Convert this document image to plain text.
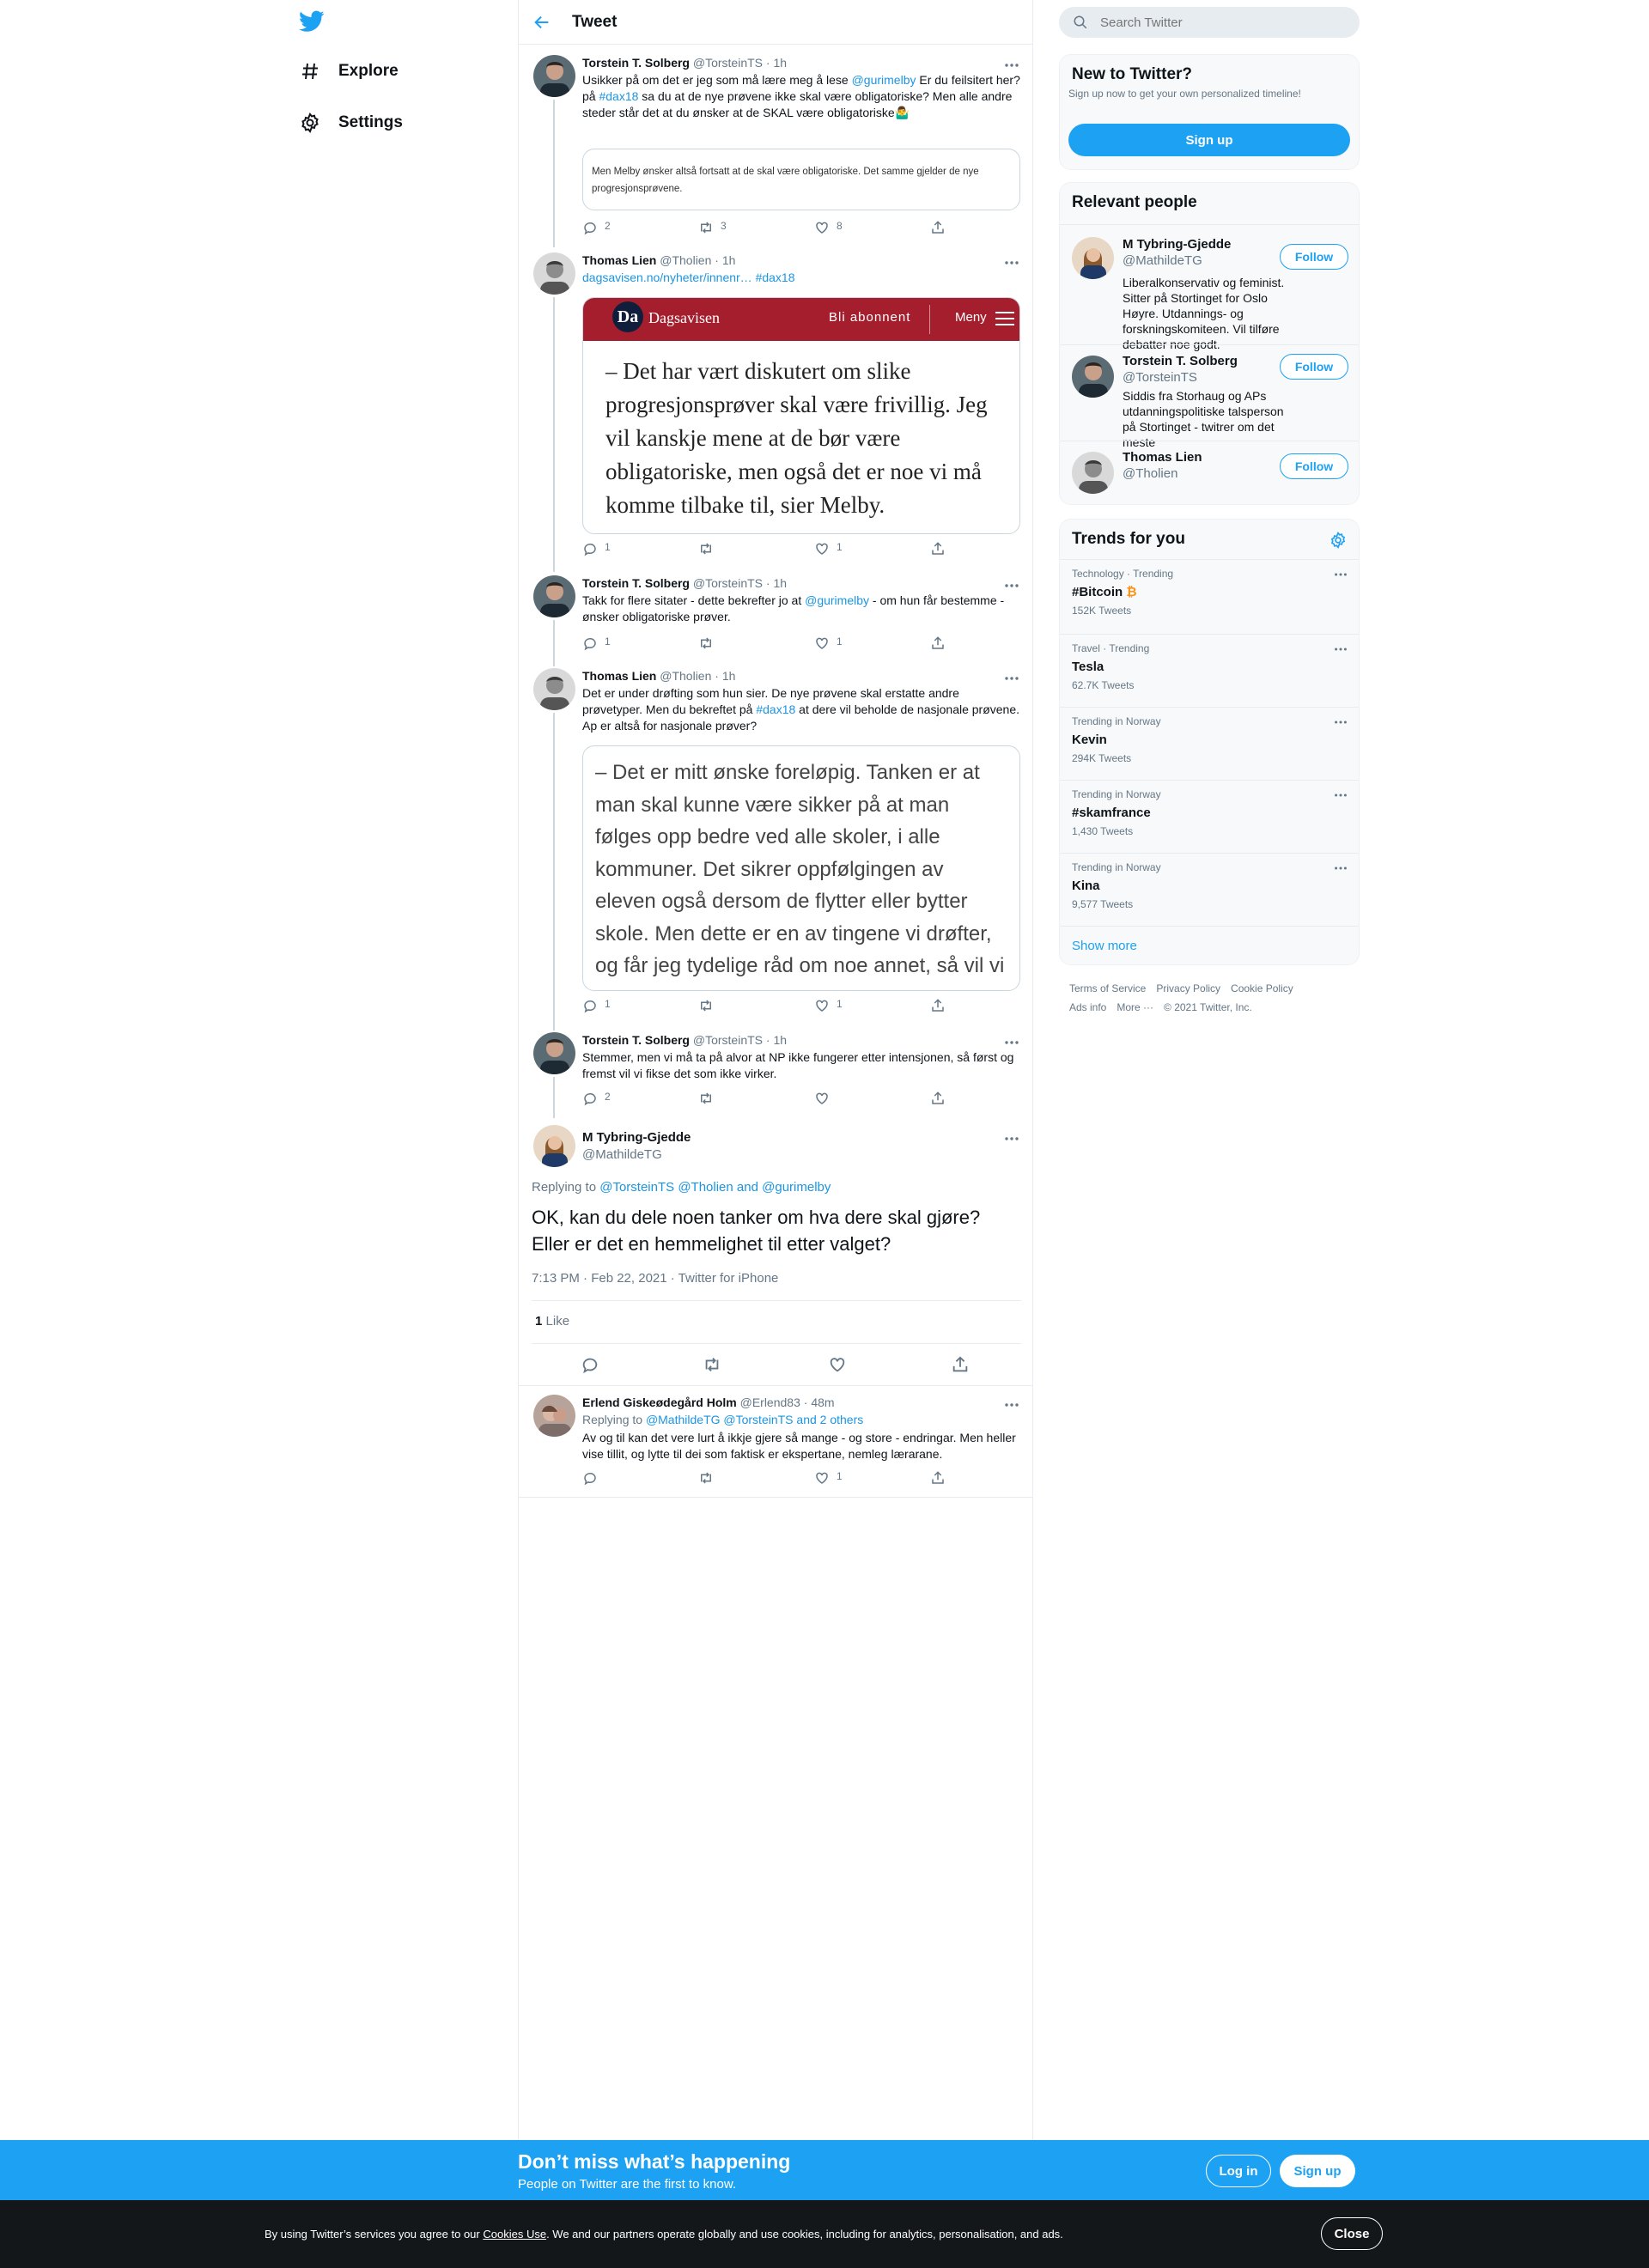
Explore
Settings
Tweet
Torstein T. Solberg @TorsteinTS · 1h
Usikker på om det er jeg som må lære meg å lese @gurimelby Er du feilsitert her? på #dax18 sa du at de nye prøvene ikke skal være obligatoriske? Men alle andre steder står det at du ønsker at de SKAL være obligatoriske🤷‍♂️
Men Melby ønsker altså fortsatt at de skal være obligatoriske. Det samme gjelder de nye progresjonsprøvene.
2	3	8
Thomas Lien @Tholien · 1h
dagsavisen.no/nyheter/innenr… #dax18
Da Dagsavisen	Bli abonnent	Meny
– Det har vært diskutert om slike progresjonsprøver skal være frivillig. Jeg vil kanskje mene at de bør være obligatoriske, men også det er noe vi må komme tilbake til, sier Melby.
1	1
Torstein T. Solberg @TorsteinTS · 1h
Takk for flere sitater - dette bekrefter jo at @gurimelby - om hun får bestemme - ønsker obligatoriske prøver.
1	1
Thomas Lien @Tholien · 1h
Det er under drøfting som hun sier. De nye prøvene skal erstatte andre prøvetyper. Men du bekreftet på #dax18 at dere vil beholde de nasjonale prøvene. Ap er altså for nasjonale prøver?
– Det er mitt ønske foreløpig. Tanken er at man skal kunne være sikker på at man følges opp bedre ved alle skoler, i alle kommuner. Det sikrer oppfølgingen av eleven også dersom de flytter eller bytter skole. Men dette er en av tingene vi drøfter, og får jeg tydelige råd om noe annet, så vil vi
1	1
Torstein T. Solberg @TorsteinTS · 1h
Stemmer, men vi må ta på alvor at NP ikke fungerer etter intensjonen, så først og fremst vil vi fikse det som ikke virker.
2
M Tybring-Gjedde
@MathildeTG
Replying to @TorsteinTS @Tholien and @gurimelby
OK, kan du dele noen tanker om hva dere skal gjøre? Eller er det en hemmelighet til etter valget?
7:13 PM · Feb 22, 2021 · Twitter for iPhone
1 Like
Erlend Giskeødegård Holm @Erlend83 · 48m
Replying to @MathildeTG @TorsteinTS and 2 others
Av og til kan det vere lurt å ikkje gjere så mange - og store - endringar. Men heller vise tillit, og lytte til dei som faktisk er ekspertane, nemleg lærarane.
1
Search Twitter
New to Twitter?
Sign up now to get your own personalized timeline!
Sign up
Relevant people
M Tybring-Gjedde
@MathildeTG
Liberalkonservativ og feminist. Sitter på Stortinget for Oslo Høyre. Utdannings- og forskningskomiteen. Vil tilføre debatter noe godt.
Follow
Torstein T. Solberg
@TorsteinTS
Siddis fra Storhaug og APs utdanningspolitiske talsperson på Stortinget - twitrer om det meste
Follow
Thomas Lien
@Tholien	Follow
Trends for you
Technology · Trending
#Bitcoin ₿
152K Tweets
Travel · Trending
Tesla
62.7K Tweets
Trending in Norway
Kevin
294K Tweets
Trending in Norway
#skamfrance
1,430 Tweets
Trending in Norway
Kina
9,577 Tweets
Show more
Terms of Service Privacy Policy Cookie Policy
Ads info More ··· © 2021 Twitter, Inc.
Don’t miss what’s happening
People on Twitter are the first to know.
Log in	Sign up
By using Twitter’s services you agree to our Cookies Use. We and our partners operate globally and use cookies, including for analytics, personalisation, and ads.	Close
